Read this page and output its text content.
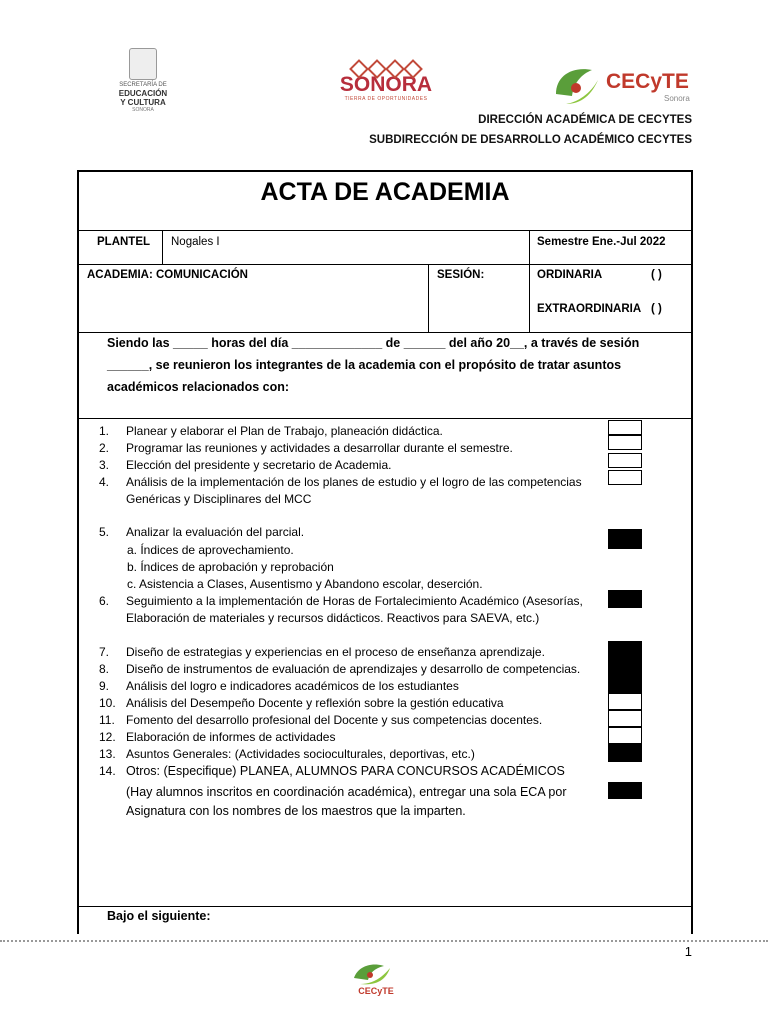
SECRETARÍA DE
EDUCACIÓN
Y CULTURA
SONORA
SONORA
TIERRA DE OPORTUNIDADES
CECyTE
Sonora
DIRECCIÓN ACADÉMICA DE CECYTES
SUBDIRECCIÓN DE DESARROLLO ACADÉMICO CECYTES
ACTA DE ACADEMIA
PLANTEL Nogales I	Semestre Ene.-Jul 2022
ACADEMIA: COMUNICACIÓN	SESIÓN:	ORDINARIA	( )
EXTRAORDINARIA ( )
Siendo las _____ horas del día _____________ de ______ del año 20__, a través de sesión
______, se reunieron los integrantes de la academia con el propósito de tratar asuntos
académicos relacionados con:
1.	Planear y elaborar el Plan de Trabajo, planeación didáctica.
2.	Programar las reuniones y actividades a desarrollar durante el semestre.
3.	Elección del presidente y secretario de Academia.
4.	Análisis de la implementación de los planes de estudio y el logro de las competencias
Genéricas y Disciplinares del MCC
5.	Analizar la evaluación del parcial.
a. Índices de aprovechamiento.
b. Índices de aprobación y reprobación
c. Asistencia a Clases, Ausentismo y Abandono escolar, deserción.
6.	Seguimiento a la implementación de Horas de Fortalecimiento Académico (Asesorías,
Elaboración de materiales y recursos didácticos. Reactivos para SAEVA, etc.)
7.	Diseño de estrategias y experiencias en el proceso de enseñanza aprendizaje.
8.	Diseño de instrumentos de evaluación de aprendizajes y desarrollo de competencias.
9.	Análisis del logro e indicadores académicos de los estudiantes
10. Análisis del Desempeño Docente y reflexión sobre la gestión educativa
11. Fomento del desarrollo profesional del Docente y sus competencias docentes.
12. Elaboración de informes de actividades
13. Asuntos Generales: (Actividades socioculturales, deportivas, etc.)
14. Otros: (Especifique) PLANEA, ALUMNOS PARA CONCURSOS ACADÉMICOS
(Hay alumnos inscritos en coordinación académica), entregar una sola ECA por
Asignatura con los nombres de los maestros que la imparten.
Bajo el siguiente:
1
CECyTE
